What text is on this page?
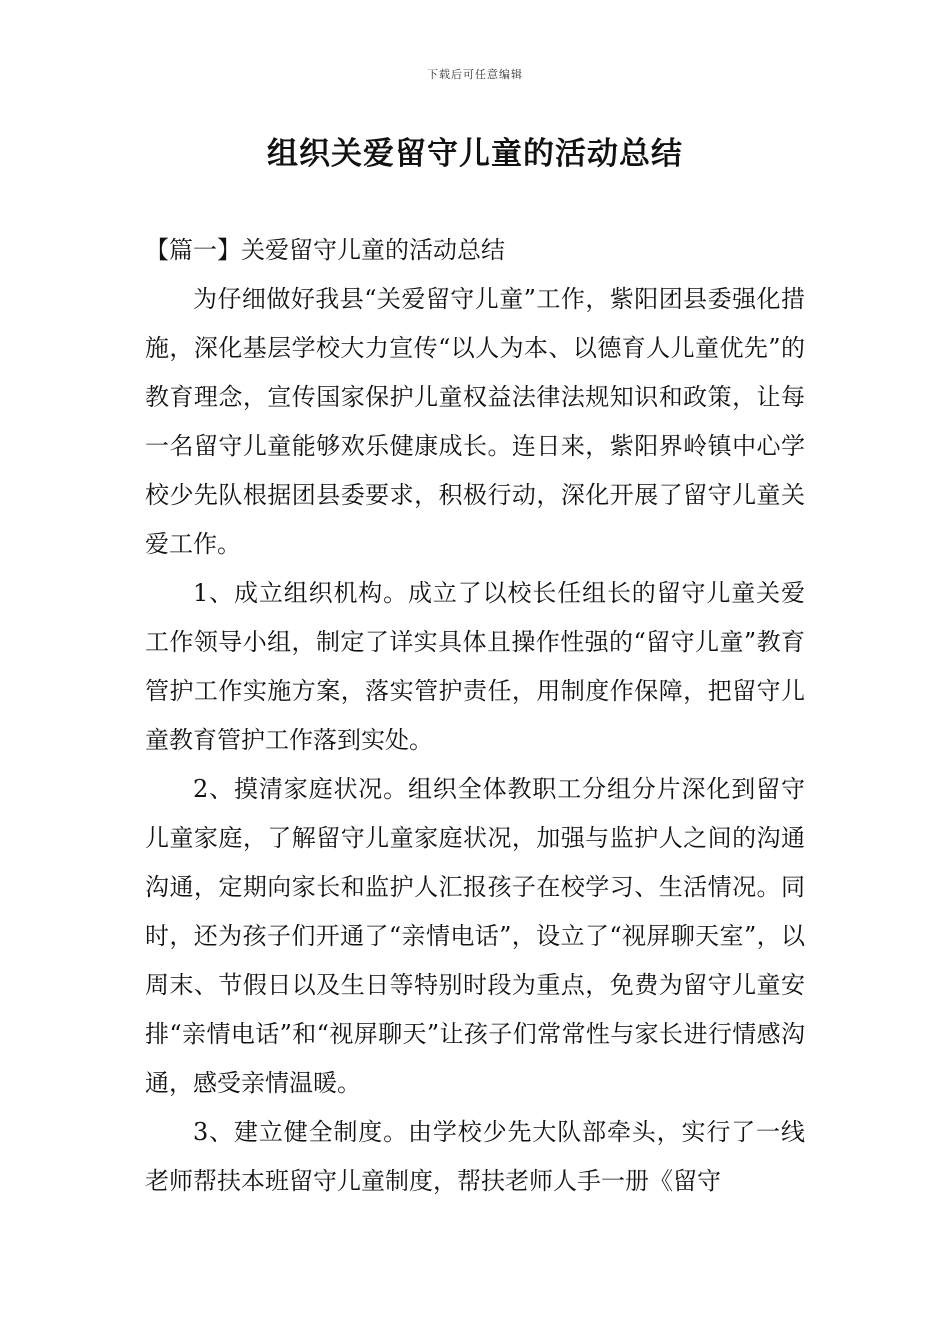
下载后可任意编辑
组织关爱留守儿童的活动总结
【篇一】关爱留守儿童的活动总结

为仔细做好我县“关爱留守儿童”工作，紫阳团县委强化措施，深化基层学校大力宣传“以人为本、以德育人儿童优先”的教育理念，宣传国家保护儿童权益法律法规知识和政策，让每一名留守儿童能够欢乐健康成长。连日来，紫阳界岭镇中心学校少先队根据团县委要求，积极行动，深化开展了留守儿童关爱工作。

1、成立组织机构。成立了以校长任组长的留守儿童关爱工作领导小组，制定了详实具体且操作性强的“留守儿童”教育管护工作实施方案，落实管护责任，用制度作保障，把留守儿童教育管护工作落到实处。

2、摸清家庭状况。组织全体教职工分组分片深化到留守儿童家庭，了解留守儿童家庭状况，加强与监护人之间的沟通沟通，定期向家长和监护人汇报孩子在校学习、生活情况。同时，还为孩子们开通了“亲情电话”，设立了“视屏聊天室”，以周末、节假日以及生日等特别时段为重点，免费为留守儿童安排“亲情电话”和“视屏聊天”让孩子们常常性与家长进行情感沟通，感受亲情温暖。

3、建立健全制度。由学校少先大队部牵头，实行了一线老师帮扶本班留守儿童制度，帮扶老师人手一册《留守
